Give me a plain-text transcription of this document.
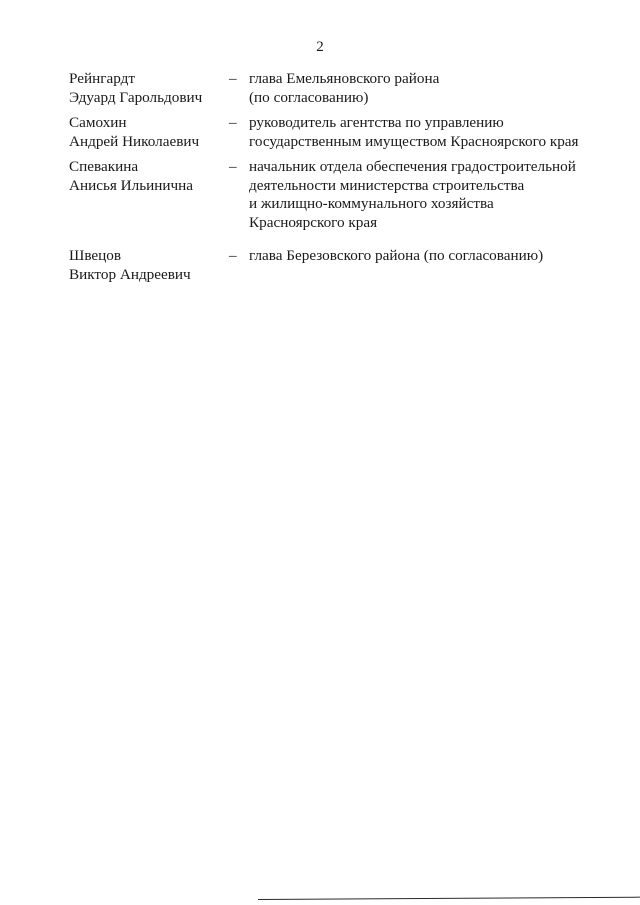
2
Рейнгардт
Эдуард Гарольдович
– глава Емельяновского района
(по согласованию)
Самохин
Андрей Николаевич
– руководитель агентства по управлению
государственным имуществом Красноярского края
Спевакина
Анисья Ильинична
– начальник отдела обеспечения градостроительной
деятельности министерства строительства
и жилищно-коммунального хозяйства
Красноярского края
Швецов
Виктор Андреевич
– глава Березовского района (по согласованию)
